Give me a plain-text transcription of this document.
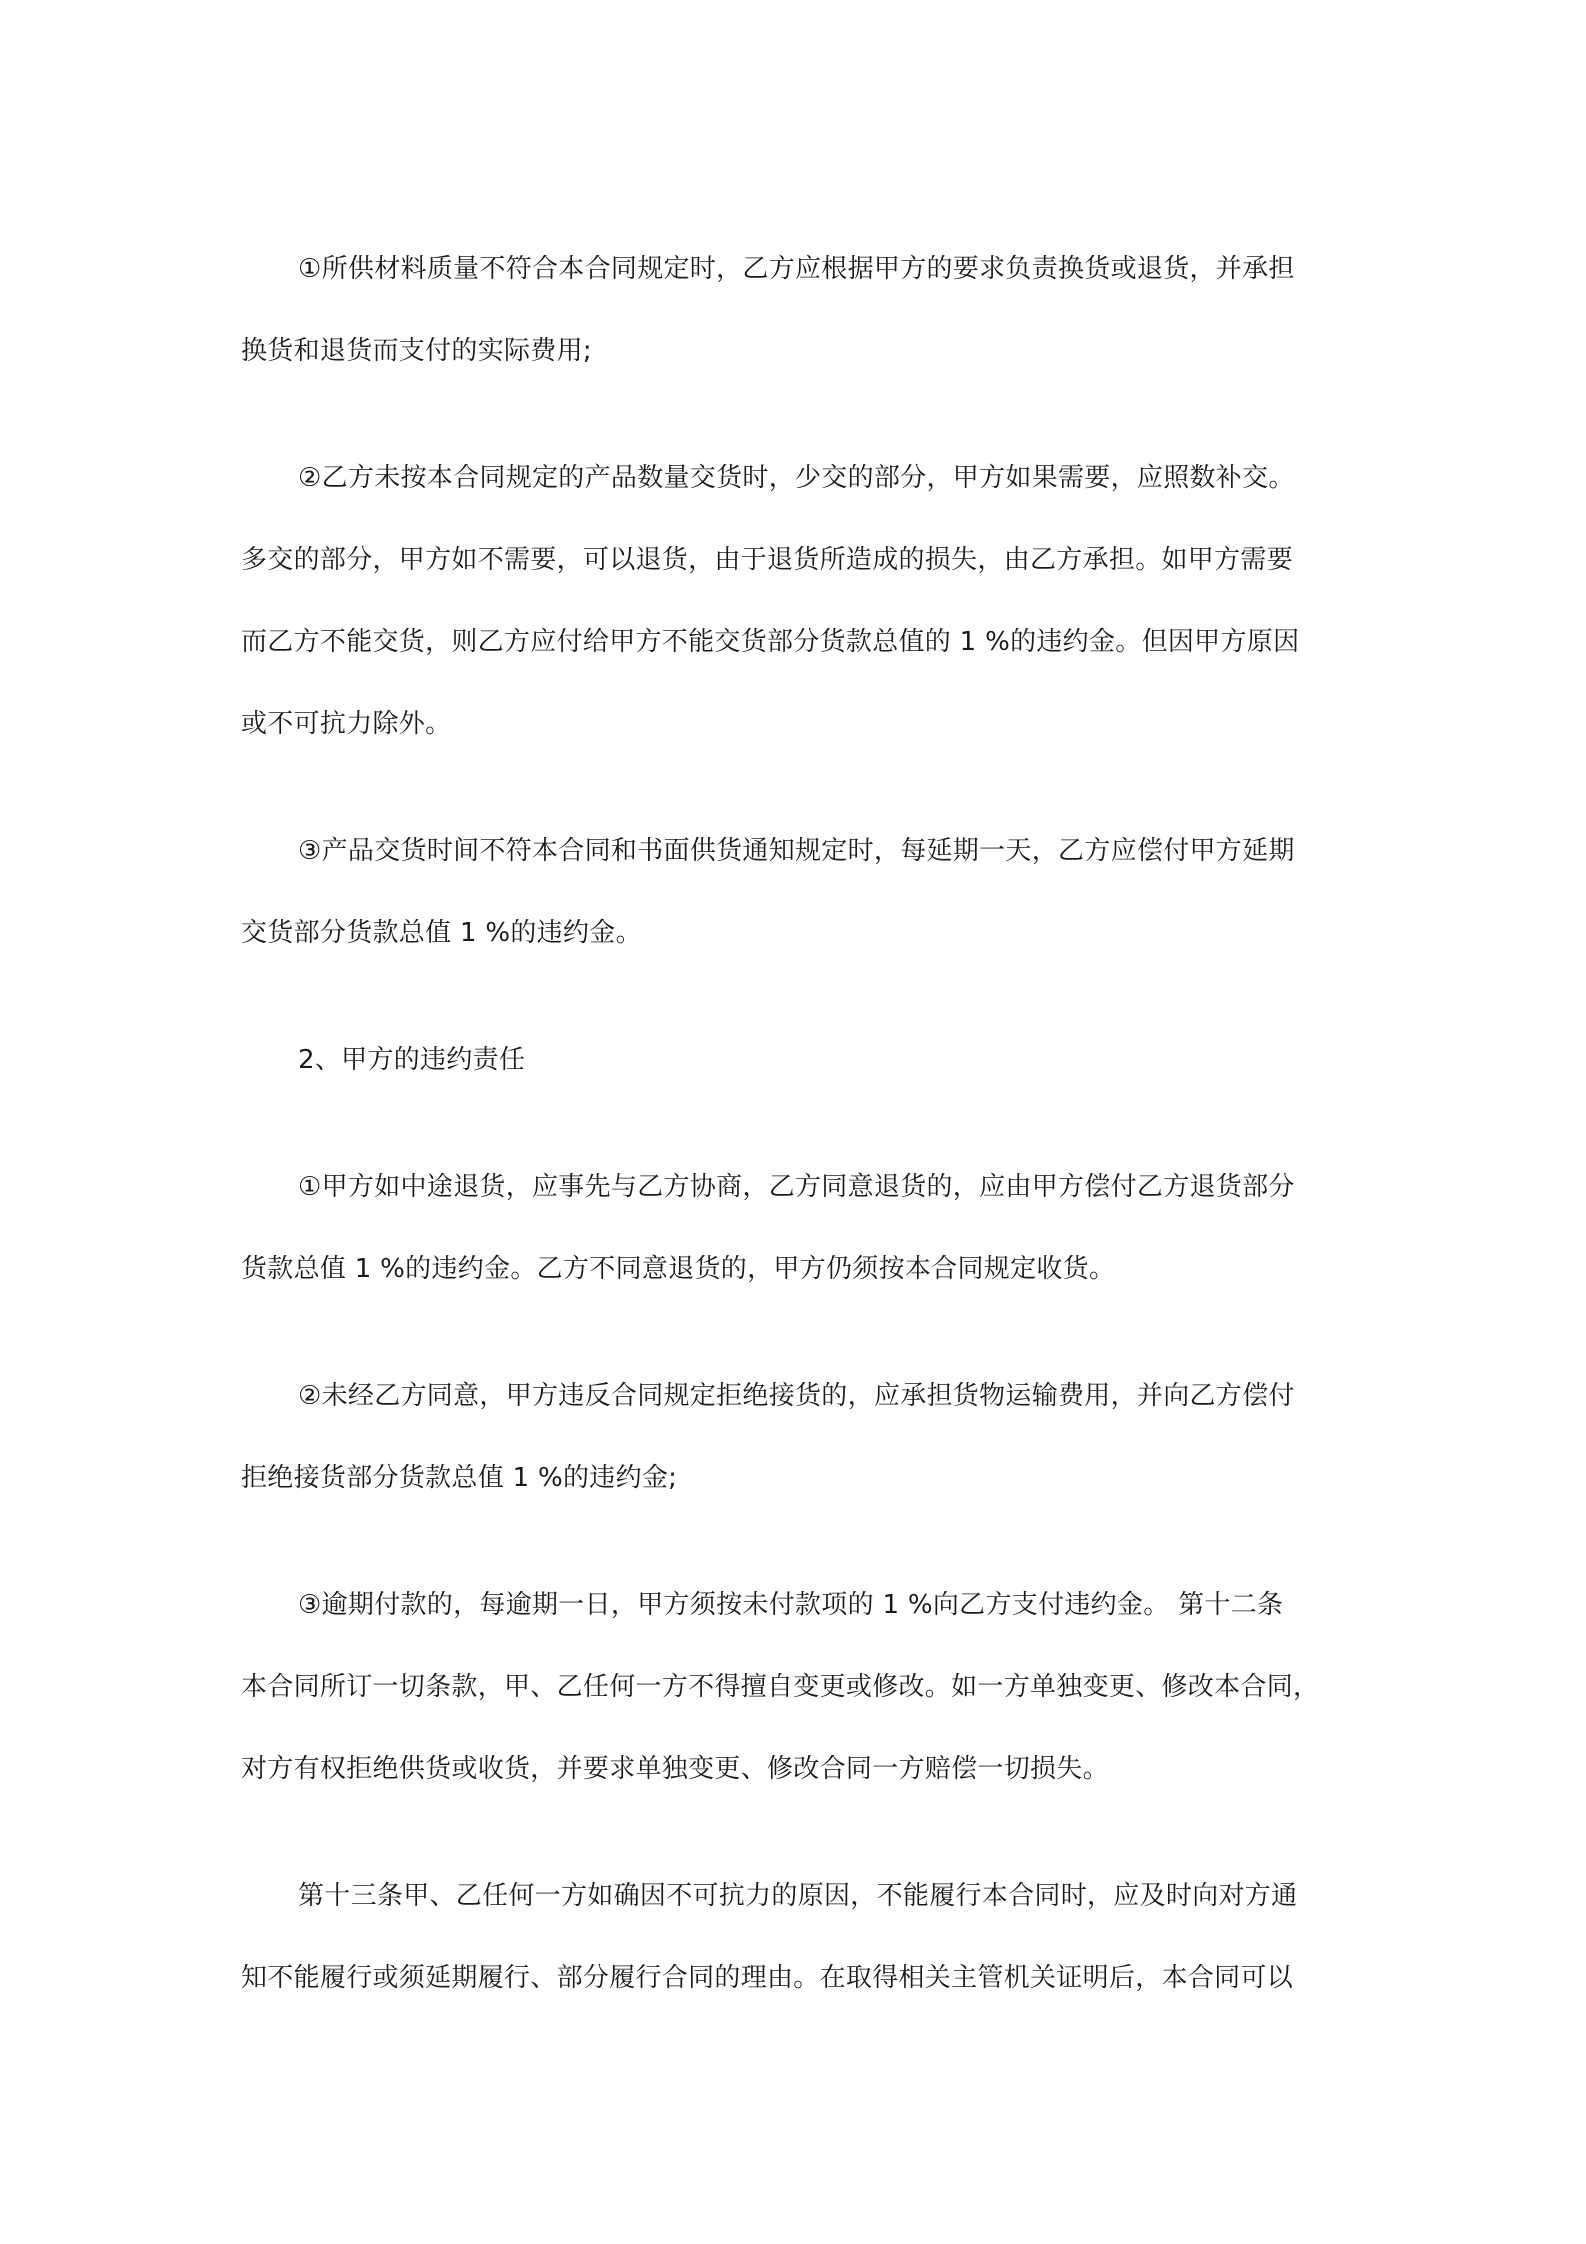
①所供材料质量不符合本合同规定时，乙方应根据甲方的要求负责换货或退货，并承担
换货和退货而支付的实际费用;

②乙方未按本合同规定的产品数量交货时，少交的部分，甲方如果需要，应照数补交。
多交的部分，甲方如不需要，可以退货，由于退货所造成的损失，由乙方承担。如甲方需要
而乙方不能交货，则乙方应付给甲方不能交货部分货款总值的 1 %的违约金。但因甲方原因
或不可抗力除外。

③产品交货时间不符本合同和书面供货通知规定时，每延期一天，乙方应偿付甲方延期
交货部分货款总值 1 %的违约金。

2、甲方的违约责任

①甲方如中途退货，应事先与乙方协商，乙方同意退货的，应由甲方偿付乙方退货部分
货款总值 1 %的违约金。乙方不同意退货的，甲方仍须按本合同规定收货。

②未经乙方同意，甲方违反合同规定拒绝接货的，应承担货物运输费用，并向乙方偿付
拒绝接货部分货款总值 1 %的违约金;

③逾期付款的，每逾期一日，甲方须按未付款项的 1 %向乙方支付违约金。 第十二条
本合同所订一切条款，甲、乙任何一方不得擅自变更或修改。如一方单独变更、修改本合同，
对方有权拒绝供货或收货，并要求单独变更、修改合同一方赔偿一切损失。

第十三条甲、乙任何一方如确因不可抗力的原因，不能履行本合同时，应及时向对方通
知不能履行或须延期履行、部分履行合同的理由。在取得相关主管机关证明后，本合同可以
